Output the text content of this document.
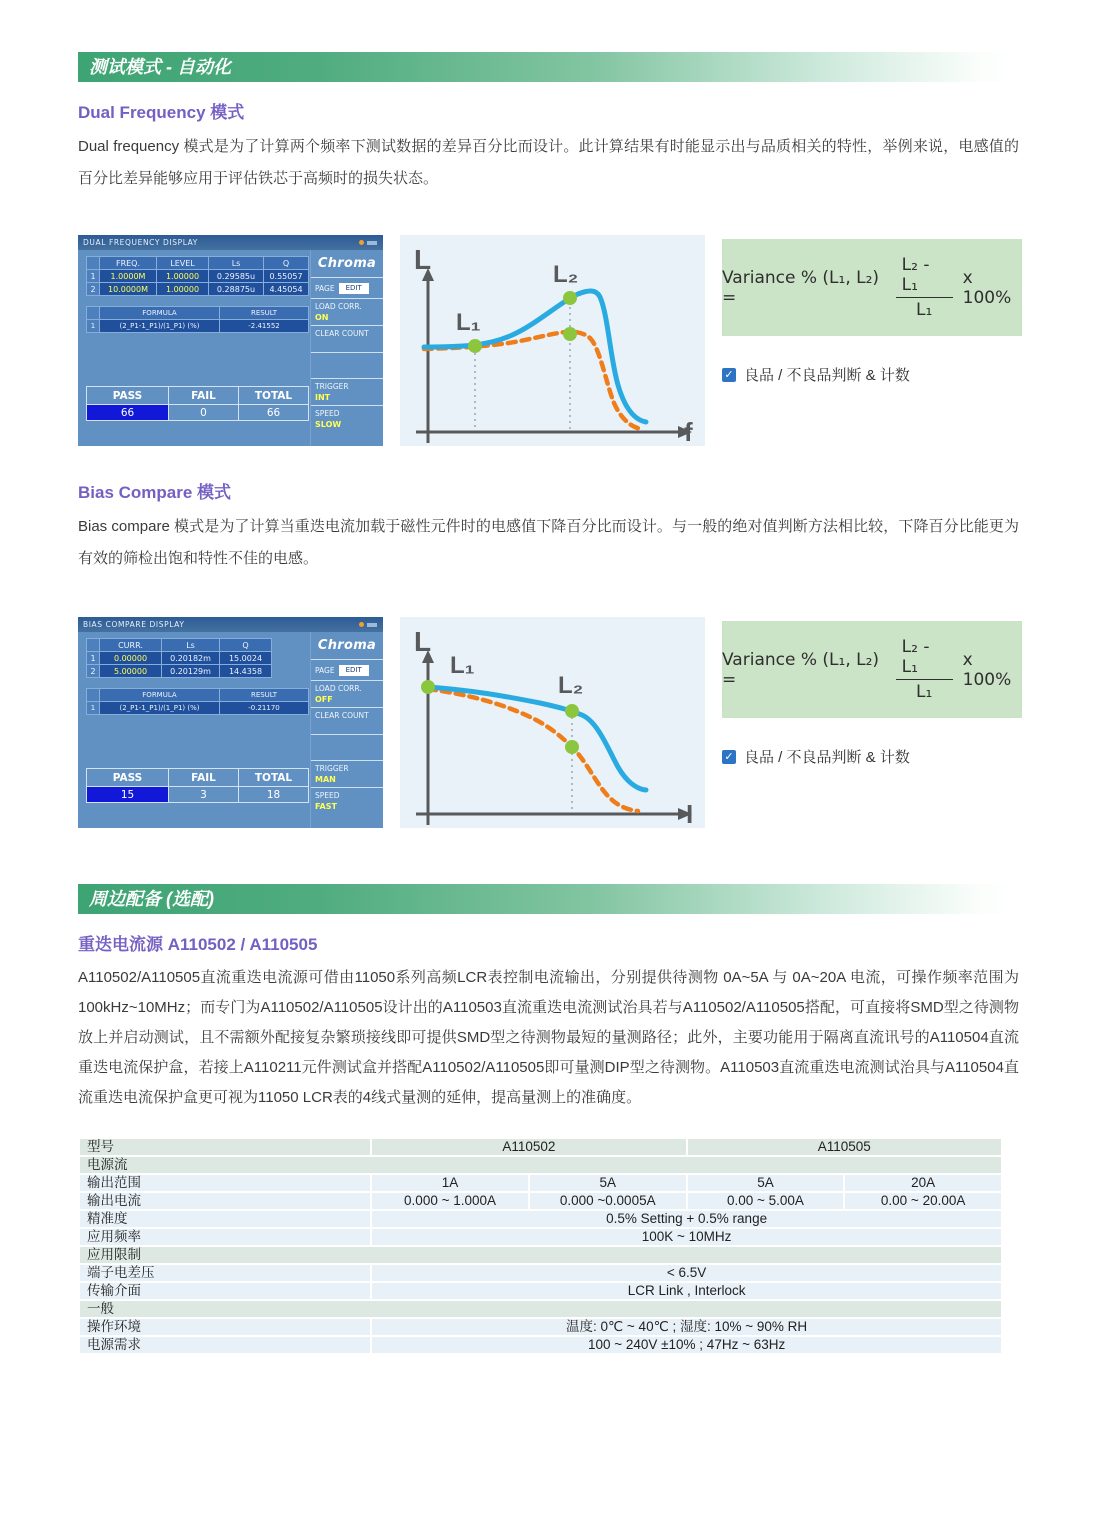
测试模式 - 自动化
Dual Frequency 模式

Dual frequency 模式是为了计算两个频率下测试数据的差异百分比而设计。此计算结果有时能显示出与品质相关的特性，举例来说，电感值的百分比差异能够应用于评估铁芯于高频时的损失状态。

DUAL FREQUENCY DISPLAY
	FREQ.	LEVEL	Ls	Q
1	1.0000M	1.00000	0.29585u	0.55057
2	10.0000M	1.00000	0.28875u	4.45054
	FORMULA	RESULT
1	(2_P1-1_P1)/(1_P1) (%)	-2.41552
PASS	FAIL	TOTAL
66	0	66
Chroma
PAGE	EDIT
LOAD CORR.
ON
CLEAR COUNT
TRIGGER
INT
SPEED
SLOW
L
f
L₁
L₂	Variance % (L₁, L₂) =	$\frac{\text{L₂ - L₁}}{\text{L₁}}$ x 100%
✓ 良品 / 不良品判断 & 计数
Bias Compare 模式

Bias compare 模式是为了计算当重迭电流加载于磁性元件时的电感值下降百分比而设计。与一般的绝对值判断方法相比较，下降百分比能更为有效的筛检出饱和特性不佳的电感。

BIAS COMPARE DISPLAY
	CURR.	Ls	Q
1	0.00000	0.20182m	15.0024
2	5.00000	0.20129m	14.4358
	FORMULA	RESULT
1	(2_P1-1_P1)/(1_P1) (%)	-0.21170
PASS	FAIL	TOTAL
15	3	18
Chroma
PAGE	EDIT
LOAD CORR.
OFF
CLEAR COUNT
TRIGGER
MAN
SPEED
FAST
L
I
L₁
L₂
Variance % (L₁, L₂) =	$\frac{\text{L₂ - L₁}}{\text{L₁}}$ x 100%
✓ 良品 / 不良品判断 & 计数
周边配备 (选配)
重迭电流源 A110502 / A110505

A110502/A110505直流重迭电流源可借由11050系列高频LCR表控制电流输出，分别提供待测物 0A~5A 与 0A~20A 电流，可操作频率范围为100kHz~10MHz；而专门为A110502/A110505设计出的A110503直流重迭电流测试治具若与A110502/A110505搭配，可直接将SMD型之待测物放上并启动测试，且不需额外配接复杂繁琐接线即可提供SMD型之待测物最短的量测路径；此外，主要功能用于隔离直流讯号的A110504直流重迭电流保护盒，若接上A110211元件测试盒并搭配A110502/A110505即可量测DIP型之待测物。A110503直流重迭电流测试治具与A110504直流重迭电流保护盒更可视为11050 LCR表的4线式量测的延伸，提高量测上的准确度。

型号	A110502		A110505	
电源流				
输出范围	1A	5A	5A	20A
输出电流	0.000 ~ 1.000A	0.000 ~0.0005A	0.00 ~ 5.00A	0.00 ~ 20.00A
精准度	0.5% Setting + 0.5% range			
应用频率	100K ~ 10MHz			
应用限制				
端子电差压	< 6.5V			
传输介面	LCR Link , Interlock			
一般				
操作环境	温度: 0℃ ~ 40℃ ; 湿度: 10% ~ 90% RH			
电源需求	100 ~ 240V ±10% ; 47Hz ~ 63Hz			
